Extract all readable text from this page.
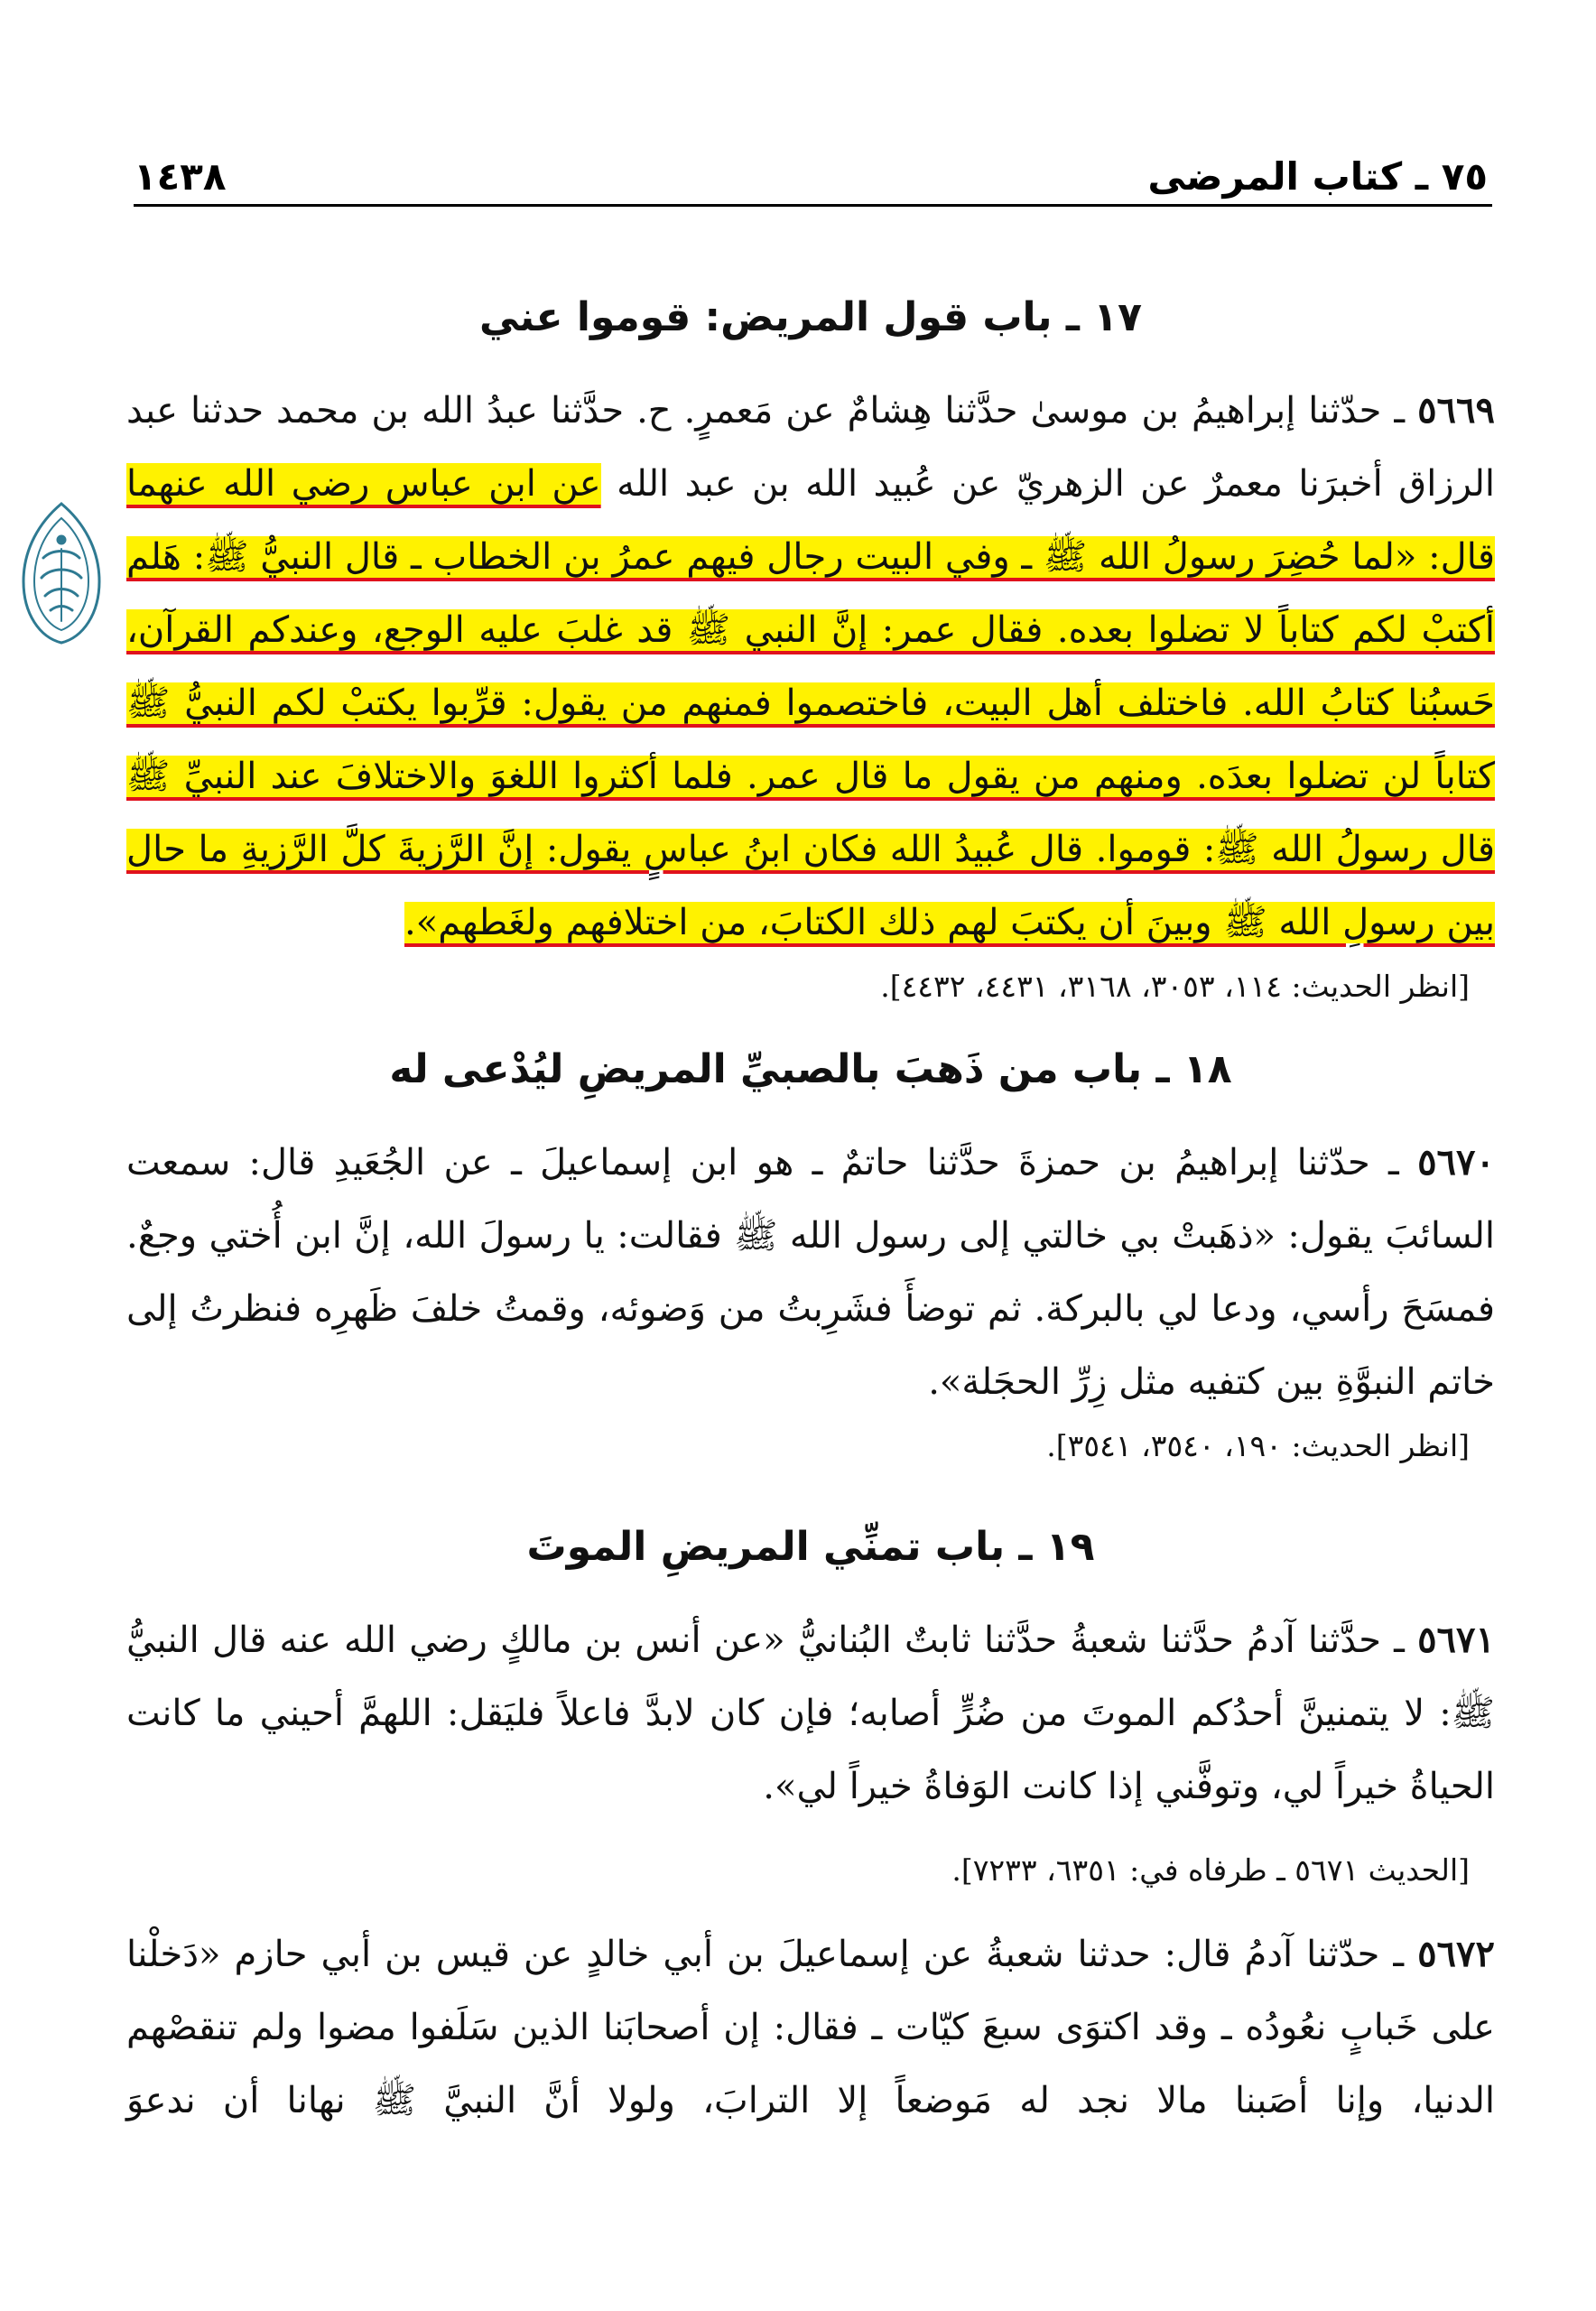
١٤٣٨	٧٥ ـ كتاب المرضى
١٧ ـ باب قول المريض: قوموا عني

٥٦٦٩ ـ حدّثنا إبراهيمُ بن موسىٰ حدَّثنا هِشامٌ عن مَعمرٍ. ح. حدَّثنا عبدُ الله بن محمد حدثنا عبد الرزاق أخبرَنا معمرٌ عن الزهريّ عن عُبيد الله بن عبد الله عن ابن عباس رضي الله عنهما قال: «لما حُضِرَ رسولُ الله ﷺ ـ وفي البيت رجال فيهم عمرُ بن الخطاب ـ قال النبيُّ ﷺ: هَلم أكتبْ لكم كتاباً لا تضلوا بعده. فقال عمر: إنَّ النبي ﷺ قد غلبَ عليه الوجع، وعندكم القرآن، حَسبُنا كتابُ الله. فاختلف أهل البيت، فاختصموا فمنهم من يقول: قرِّبوا يكتبْ لكم النبيُّ ﷺ كتاباً لن تضلوا بعدَه. ومنهم من يقول ما قال عمر. فلما أكثروا اللغوَ والاختلافَ عند النبيِّ ﷺ قال رسولُ الله ﷺ: قوموا. قال عُبيدُ الله فكان ابنُ عباسٍ يقول: إنَّ الرَّزيةَ كلَّ الرَّزيةِ ما حال بين رسولِ الله ﷺ وبينَ أن يكتبَ لهم ذلك الكتابَ، من اختلافهم ولغَطهم».

[انظر الحديث: ١١٤، ٣٠٥٣، ٣١٦٨، ٤٤٣١، ٤٤٣٢].

١٨ ـ باب من ذَهبَ بالصبيِّ المريضِ ليُدْعى له

٥٦٧٠ ـ حدّثنا إبراهيمُ بن حمزةَ حدَّثنا حاتمٌ ـ هو ابن إسماعيلَ ـ عن الجُعَيدِ قال: سمعت السائبَ يقول: «ذهَبتْ بي خالتي إلى رسول الله ﷺ فقالت: يا رسولَ الله، إنَّ ابن أُختي وجعٌ. فمسَحَ رأسي، ودعا لي بالبركة. ثم توضأَ فشَرِبتُ من وَضوئه، وقمتُ خلفَ ظَهرِه فنظرتُ إلى خاتم النبوَّةِ بين كتفيه مثل زِرِّ الحجَلة».

[انظر الحديث: ١٩٠، ٣٥٤٠، ٣٥٤١].

١٩ ـ باب تمنِّي المريضِ الموتَ

٥٦٧١ ـ حدَّثنا آدمُ حدَّثنا شعبةُ حدَّثنا ثابتٌ البُنانيُّ «عن أنس بن مالكٍ رضي الله عنه قال النبيُّ ﷺ: لا يتمنينَّ أحدُكم الموتَ من ضُرٍّ أصابه؛ فإن كان لابدَّ فاعلاً فليَقل: اللهمَّ أحيني ما كانت الحياةُ خيراً لي، وتوفَّني إذا كانت الوَفاةُ خيراً لي».

[الحديث ٥٦٧١ ـ طرفاه في: ٦٣٥١، ٧٢٣٣].

٥٦٧٢ ـ حدّثنا آدمُ قال: حدثنا شعبةُ عن إسماعيلَ بن أبي خالدٍ عن قيس بن أبي حازم «دَخلْنا على خَبابٍ نعُودُه ـ وقد اكتوَى سبعَ كيّات ـ فقال: إن أصحابَنا الذين سَلَفوا مضوا ولم تنقصْهم الدنيا، وإنا أصَبنا مالا نجد له مَوضعاً إلا الترابَ، ولولا أنَّ النبيَّ ﷺ نهانا أن ندعوَ
